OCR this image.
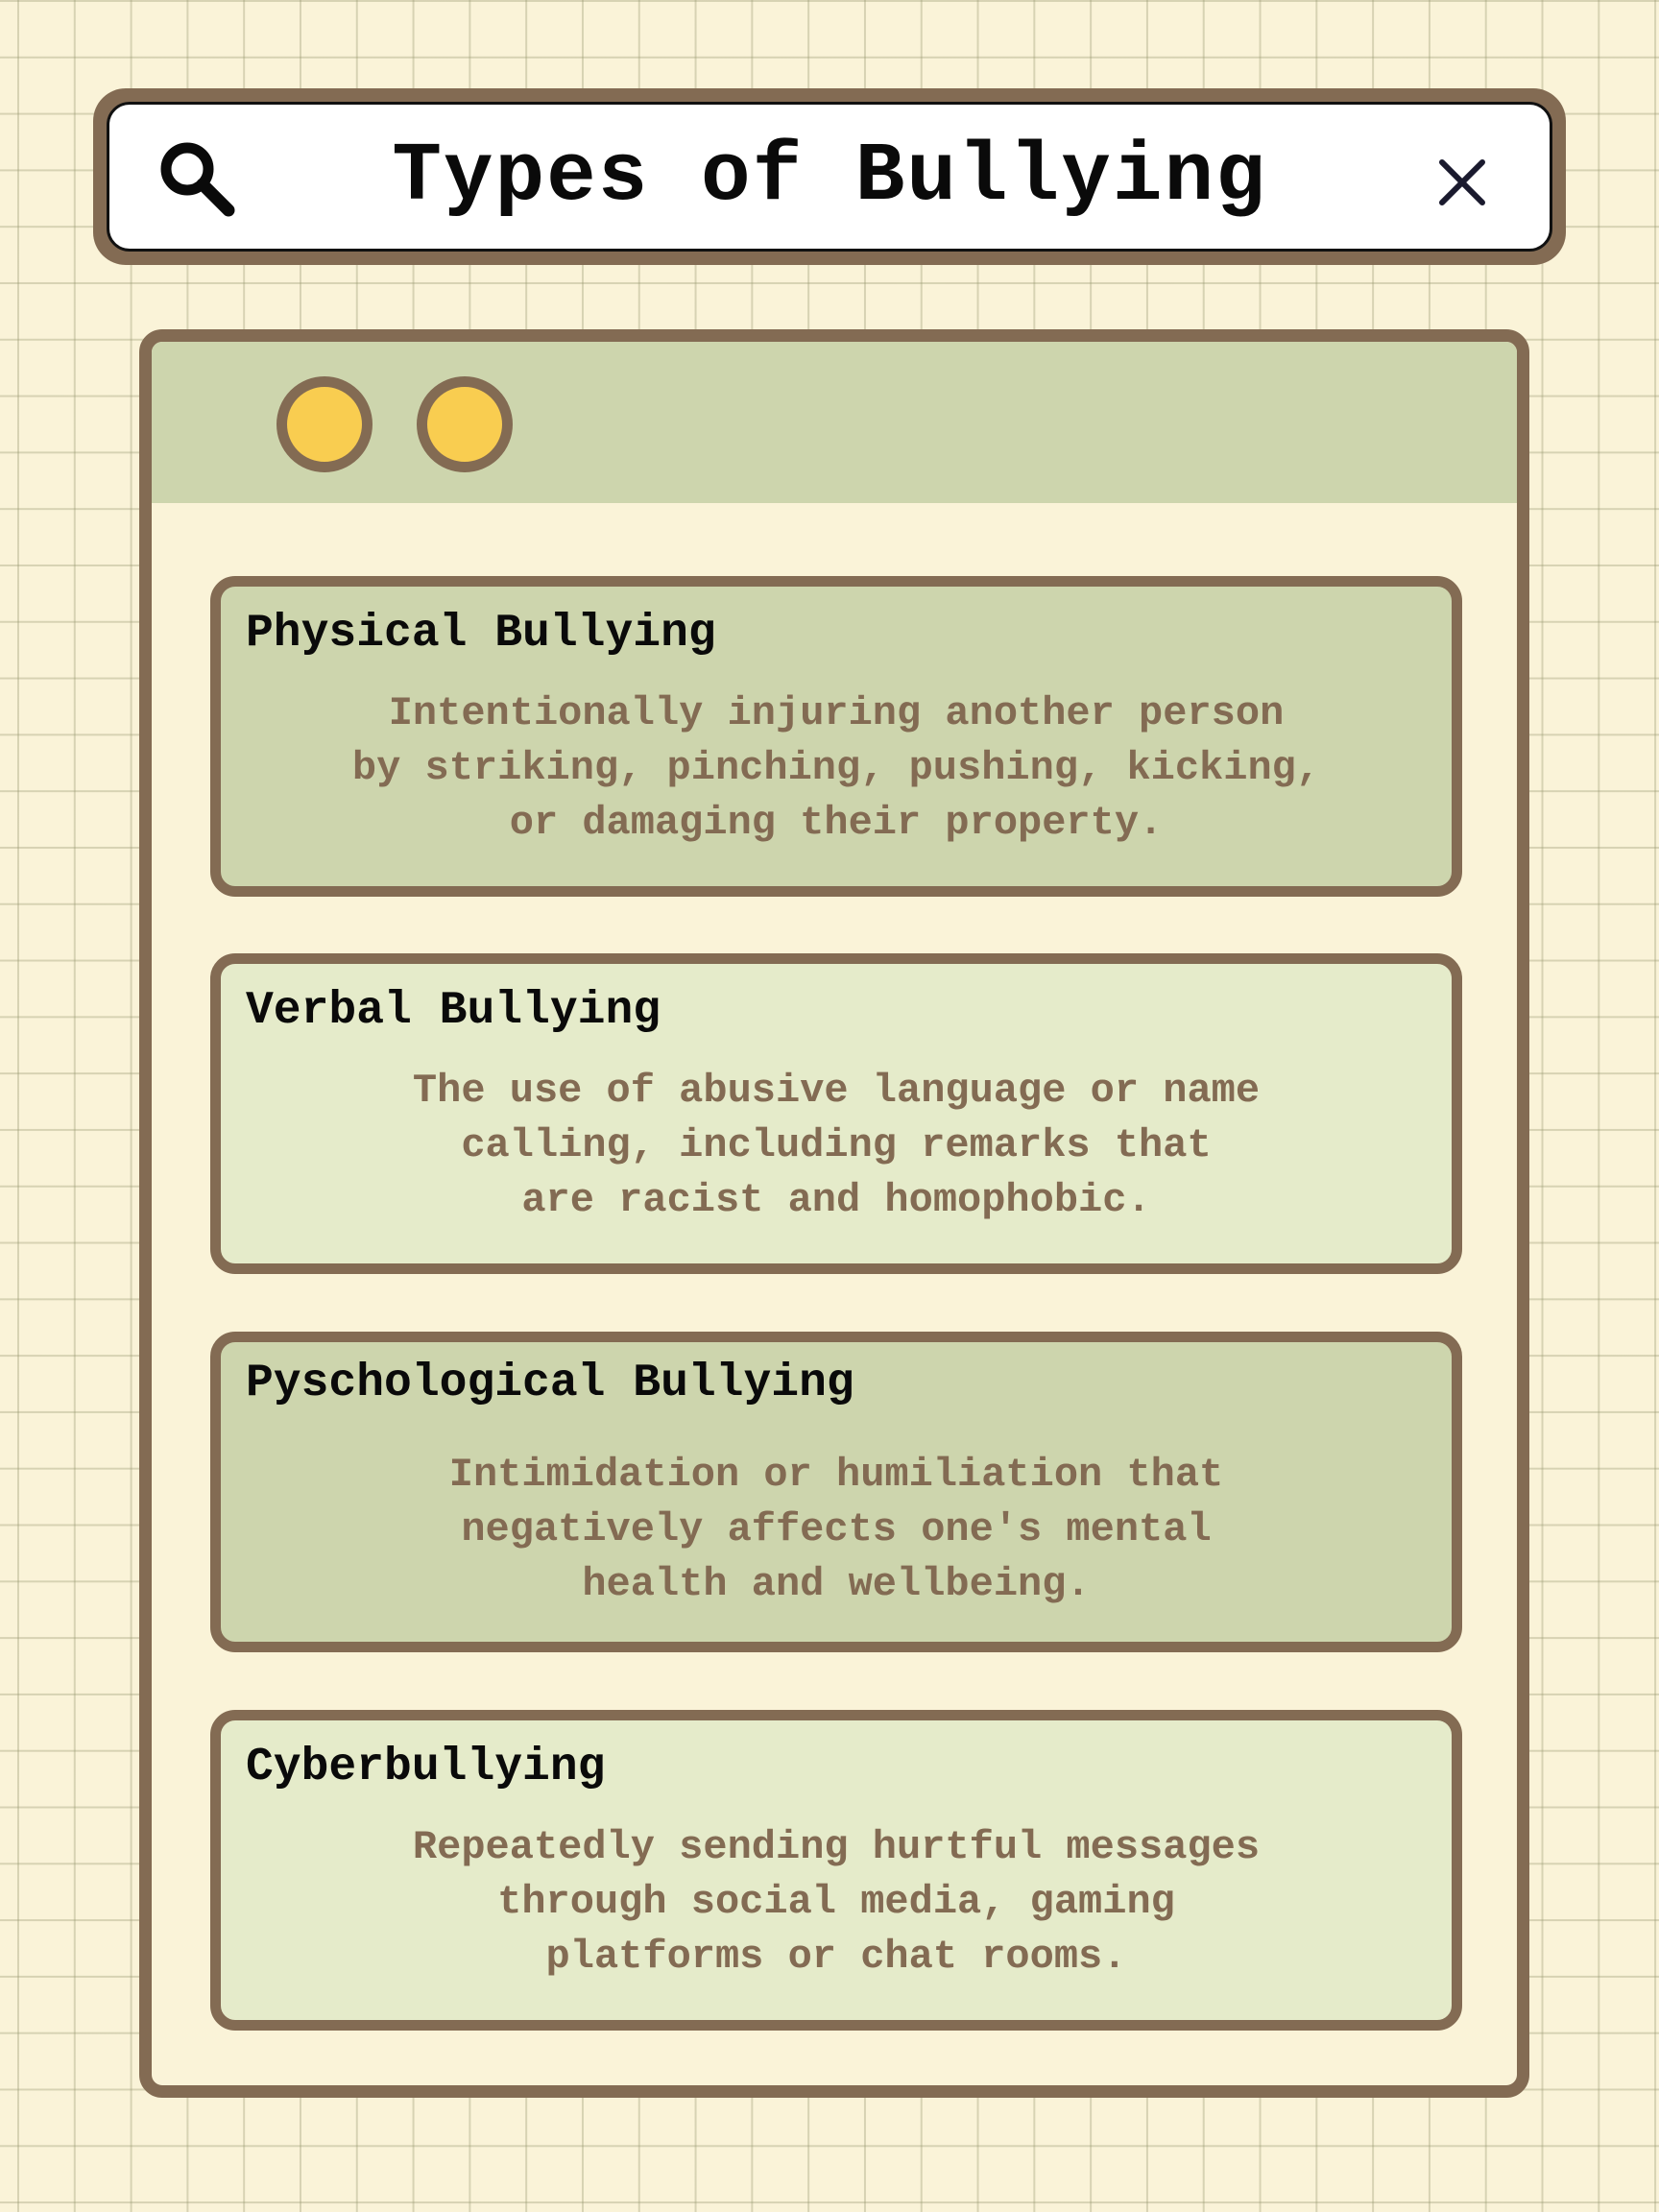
Types of Bullying
Physical Bullying
Intentionally injuring another person
by striking, pinching, pushing, kicking,
or damaging their property.
Verbal Bullying
The use of abusive language or name
calling, including remarks that
are racist and homophobic.
Pyschological Bullying
Intimidation or humiliation that
negatively affects one's mental
health and wellbeing.
Cyberbullying
Repeatedly sending hurtful messages
through social media, gaming
platforms or chat rooms.
